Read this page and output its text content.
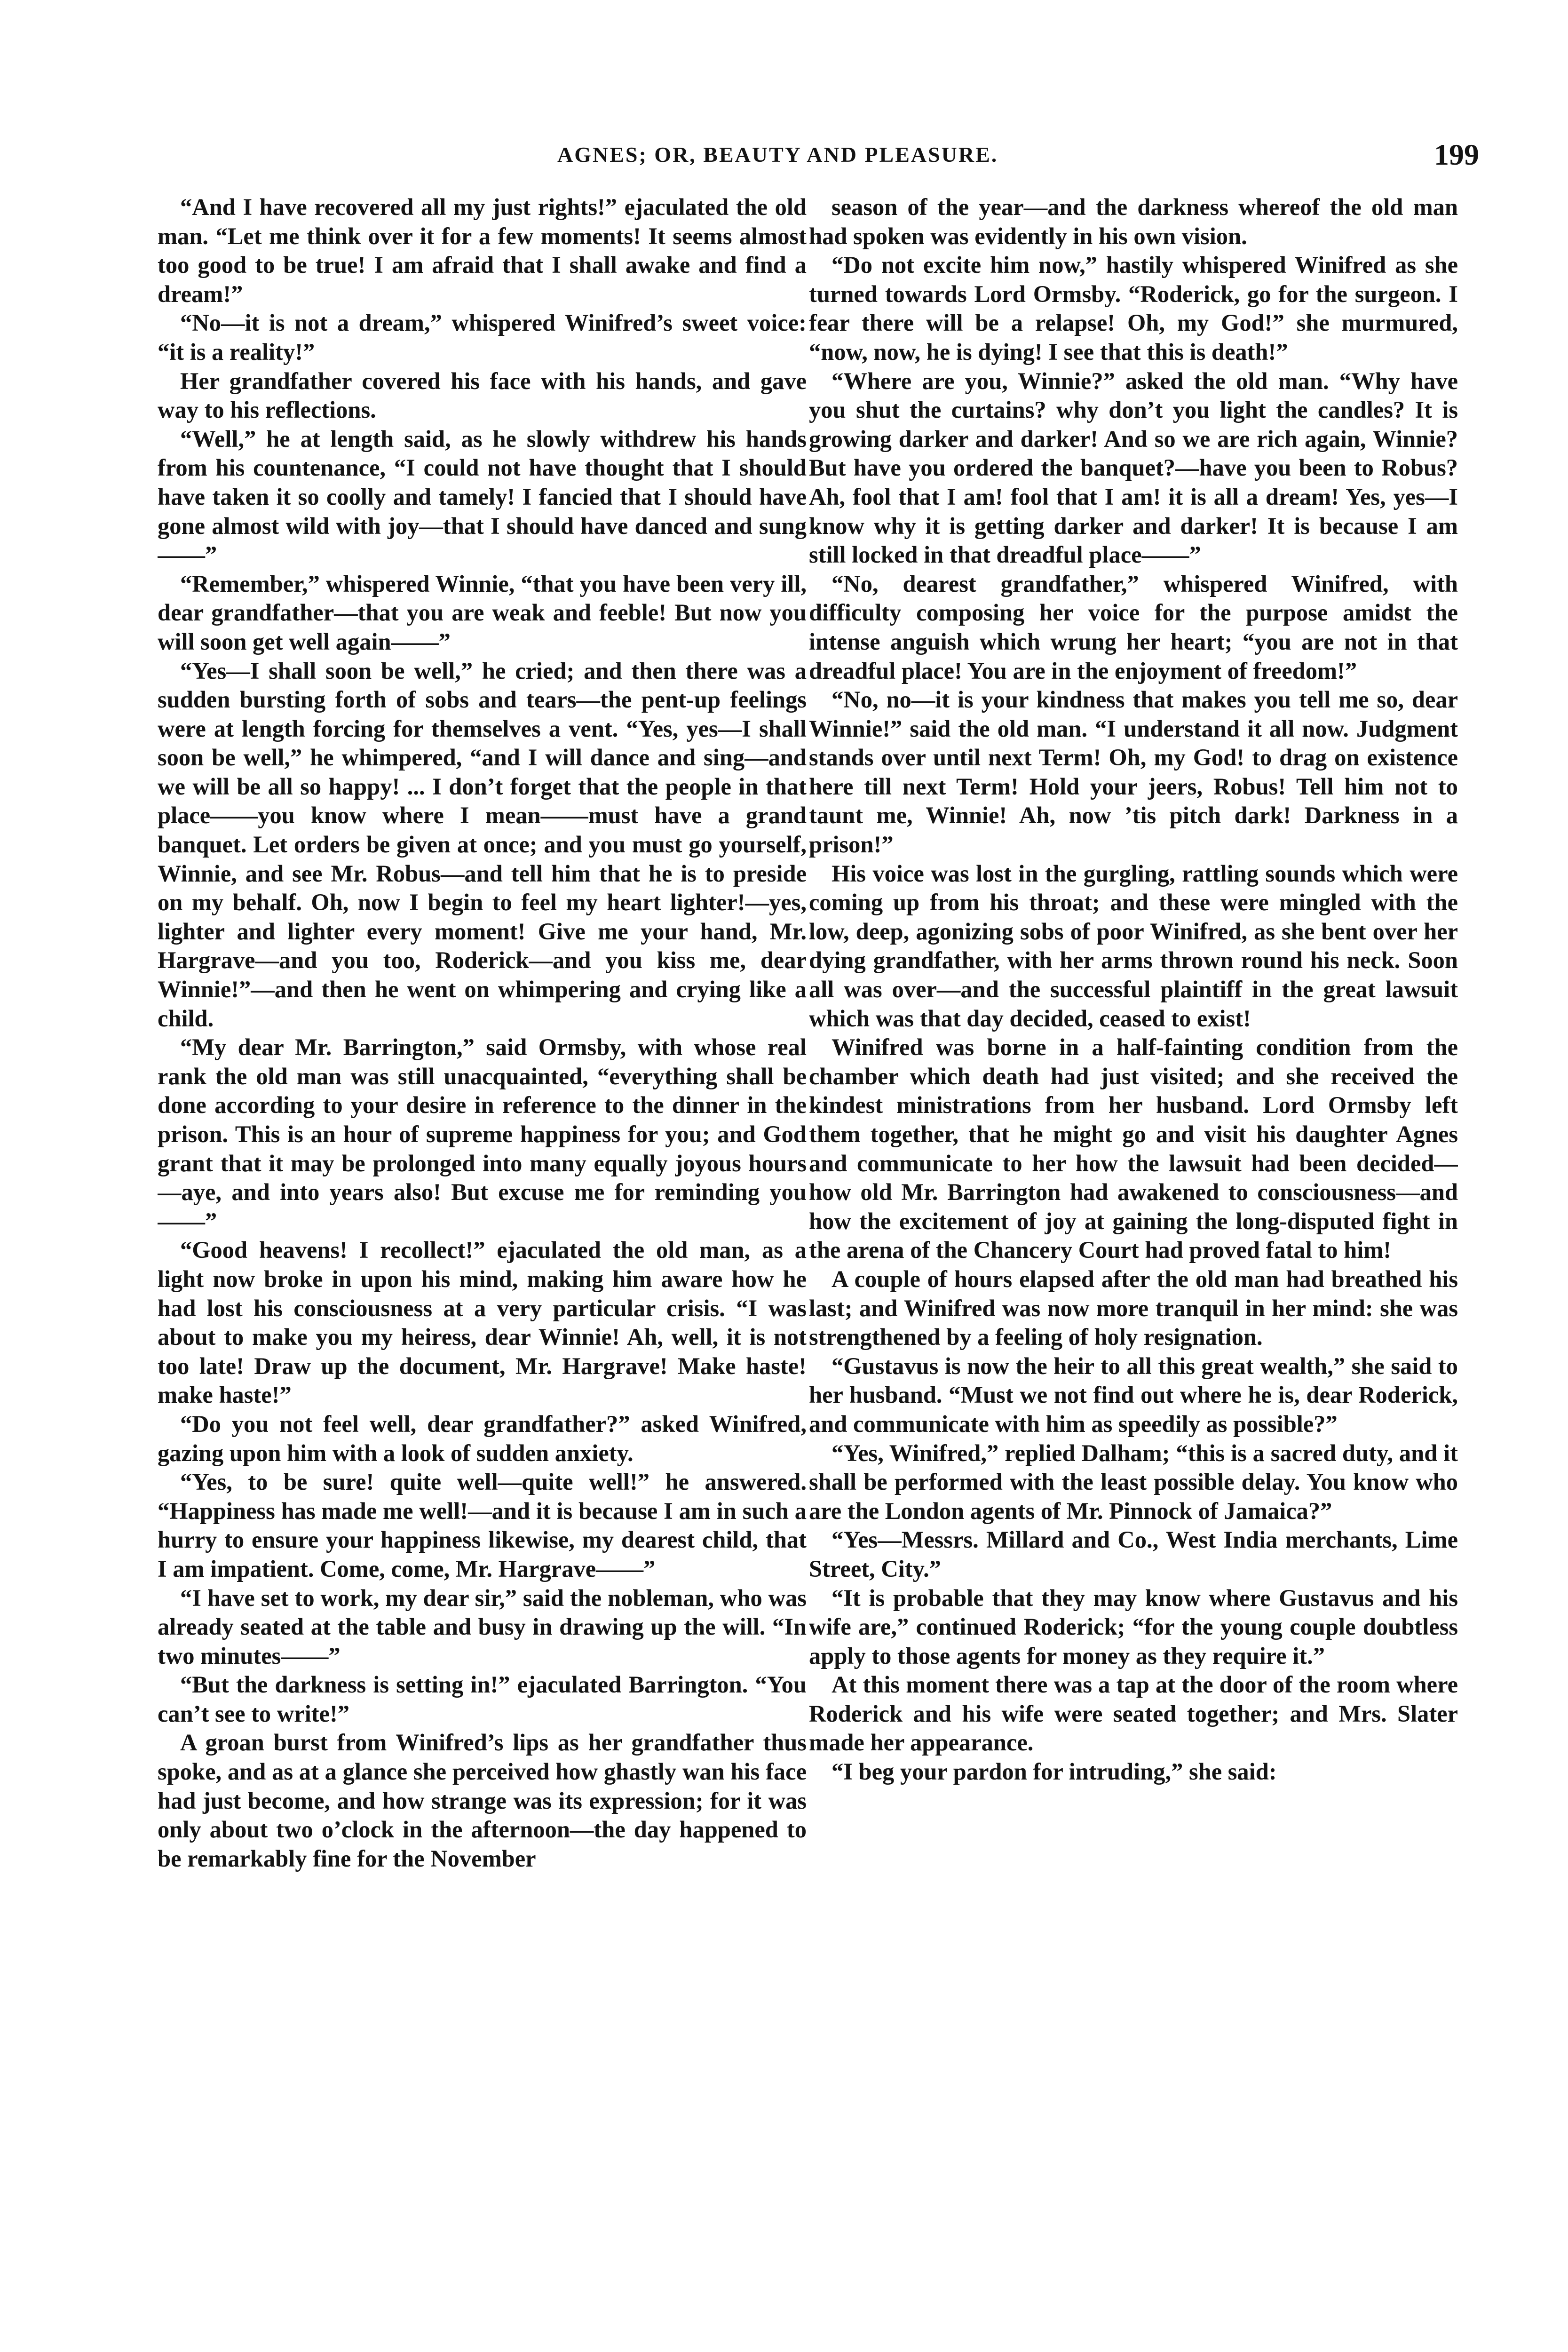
AGNES; OR, BEAUTY AND PLEASURE.	199

“And I have recovered all my just rights!” ejaculated the old man. “Let me think over it for a few moments! It seems almost too good to be true! I am afraid that I shall awake and find a dream!”

“No—it is not a dream,” whispered Winifred’s sweet voice: “it is a reality!”

Her grandfather covered his face with his hands, and gave way to his reflections.

“Well,” he at length said, as he slowly withdrew his hands from his countenance, “I could not have thought that I should have taken it so coolly and tamely! I fancied that I should have gone almost wild with joy—that I should have danced and sung——”

“Remember,” whispered Winnie, “that you have been very ill, dear grandfather—that you are weak and feeble! But now you will soon get well again——”

“Yes—I shall soon be well,” he cried; and then there was a sudden bursting forth of sobs and tears—the pent-up feelings were at length forcing for themselves a vent. “Yes, yes—I shall soon be well,” he whimpered, “and I will dance and sing—and we will be all so happy! ... I don’t forget that the people in that place——you know where I mean——must have a grand banquet. Let orders be given at once; and you must go yourself, Winnie, and see Mr. Robus—and tell him that he is to preside on my behalf. Oh, now I begin to feel my heart lighter!—yes, lighter and lighter every moment! Give me your hand, Mr. Hargrave—and you too, Roderick—and you kiss me, dear Winnie!”—and then he went on whimpering and crying like a child.

“My dear Mr. Barrington,” said Ormsby, with whose real rank the old man was still unacquainted, “everything shall be done according to your desire in reference to the dinner in the prison. This is an hour of supreme happiness for you; and God grant that it may be prolonged into many equally joyous hours—aye, and into years also! But excuse me for reminding you——”

“Good heavens! I recollect!” ejaculated the old man, as a light now broke in upon his mind, making him aware how he had lost his consciousness at a very particular crisis. “I was about to make you my heiress, dear Winnie! Ah, well, it is not too late! Draw up the document, Mr. Hargrave! Make haste! make haste!”

“Do you not feel well, dear grandfather?” asked Winifred, gazing upon him with a look of sudden anxiety.

“Yes, to be sure! quite well—quite well!” he answered. “Happiness has made me well!—and it is because I am in such a hurry to ensure your happiness likewise, my dearest child, that I am impatient. Come, come, Mr. Hargrave——”

“I have set to work, my dear sir,” said the nobleman, who was already seated at the table and busy in drawing up the will. “In two minutes——”

“But the darkness is setting in!” ejaculated Barrington. “You can’t see to write!”

A groan burst from Winifred’s lips as her grandfather thus spoke, and as at a glance she perceived how ghastly wan his face had just become, and how strange was its expression; for it was only about two o’clock in the afternoon—the day happened to be remarkably fine for the November

season of the year—and the darkness whereof the old man had spoken was evidently in his own vision.

“Do not excite him now,” hastily whispered Winifred as she turned towards Lord Ormsby. “Roderick, go for the surgeon. I fear there will be a relapse! Oh, my God!” she murmured, “now, now, he is dying! I see that this is death!”

“Where are you, Winnie?” asked the old man. “Why have you shut the curtains? why don’t you light the candles? It is growing darker and darker! And so we are rich again, Winnie? But have you ordered the banquet?—have you been to Robus? Ah, fool that I am! fool that I am! it is all a dream! Yes, yes—I know why it is getting darker and darker! It is because I am still locked in that dreadful place——”

“No, dearest grandfather,” whispered Winifred, with difficulty composing her voice for the purpose amidst the intense anguish which wrung her heart; “you are not in that dreadful place! You are in the enjoyment of freedom!”

“No, no—it is your kindness that makes you tell me so, dear Winnie!” said the old man. “I understand it all now. Judgment stands over until next Term! Oh, my God! to drag on existence here till next Term! Hold your jeers, Robus! Tell him not to taunt me, Winnie! Ah, now ’tis pitch dark! Darkness in a prison!”

His voice was lost in the gurgling, rattling sounds which were coming up from his throat; and these were mingled with the low, deep, agonizing sobs of poor Winifred, as she bent over her dying grandfather, with her arms thrown round his neck. Soon all was over—and the successful plaintiff in the great lawsuit which was that day decided, ceased to exist!

Winifred was borne in a half-fainting condition from the chamber which death had just visited; and she received the kindest ministrations from her husband. Lord Ormsby left them together, that he might go and visit his daughter Agnes and communicate to her how the lawsuit had been decided—how old Mr. Barrington had awakened to consciousness—and how the excitement of joy at gaining the long-disputed fight in the arena of the Chancery Court had proved fatal to him!

A couple of hours elapsed after the old man had breathed his last; and Winifred was now more tranquil in her mind: she was strengthened by a feeling of holy resignation.

“Gustavus is now the heir to all this great wealth,” she said to her husband. “Must we not find out where he is, dear Roderick, and communicate with him as speedily as possible?”

“Yes, Winifred,” replied Dalham; “this is a sacred duty, and it shall be performed with the least possible delay. You know who are the London agents of Mr. Pinnock of Jamaica?”

“Yes—Messrs. Millard and Co., West India merchants, Lime Street, City.”

“It is probable that they may know where Gustavus and his wife are,” continued Roderick; “for the young couple doubtless apply to those agents for money as they require it.”

At this moment there was a tap at the door of the room where Roderick and his wife were seated together; and Mrs. Slater made her appearance.

“I beg your pardon for intruding,” she said:
